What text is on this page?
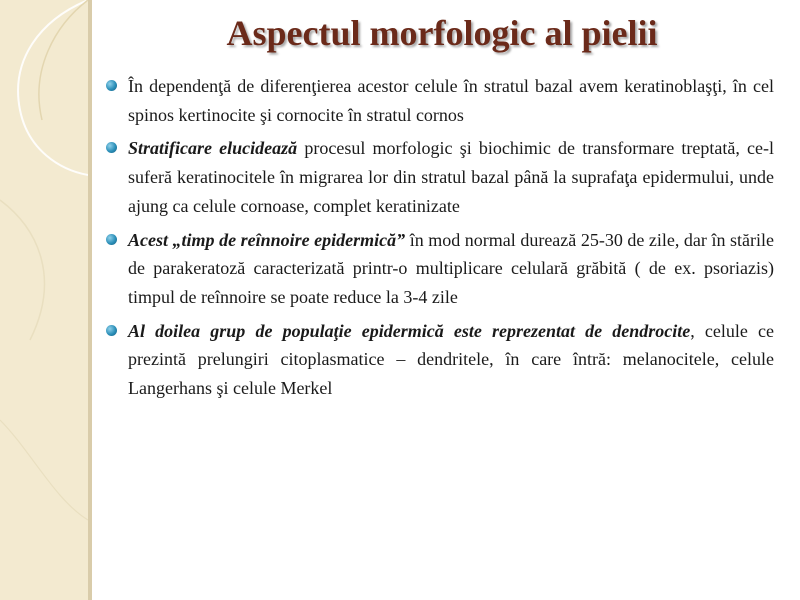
Aspectul morfologic al pielii
În dependenţă de diferenţierea acestor celule în stratul bazal avem keratinoblaşţi, în cel spinos kertinocite şi cornocite în stratul cornos
Stratificare elucidează procesul morfologic şi biochimic de transformare treptată, ce-l suferă keratinocitele în migrarea lor din stratul bazal până la suprafaţa epidermului, unde ajung ca celule cornoase, complet keratinizate
Acest „timp de reînnoire epidermică” în mod normal durează 25-30 de zile, dar în stările de parakeratoză caracterizată printr-o multiplicare celulară grăbită ( de ex. psoriazis) timpul de reînnoire se poate reduce la 3-4 zile
Al doilea grup de populaţie epidermică este reprezentat de dendrocite, celule ce prezintă prelungiri citoplasmatice – dendritele, în care întră: melanocitele, celule Langerhans şi celule Merkel
